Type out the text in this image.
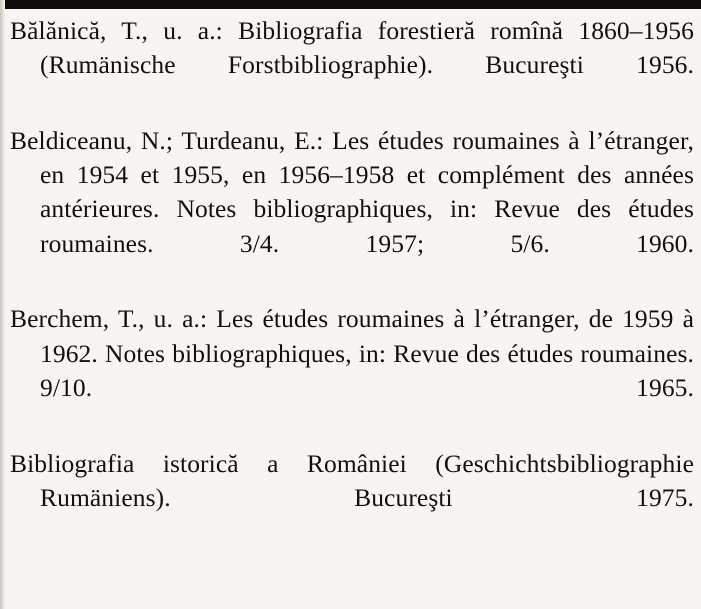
Bălănică, T., u. a.: Bibliografia forestieră romînă 1860–1956 (Rumänische Forstbibliographie). Bucureşti 1956.

Beldiceanu, N.; Turdeanu, E.: Les études roumaines à l’étranger, en 1954 et 1955, en 1956–1958 et complément des années antérieures. Notes bibliographiques, in: Revue des études roumaines. 3/4. 1957; 5/6. 1960.

Berchem, T., u. a.: Les études roumaines à l’étranger, de 1959 à 1962. Notes bibliographiques, in: Revue des études roumaines. 9/10. 1965.

Bibliografia istorică a României (Geschichtsbibliographie Rumäniens). Bucureşti 1975.
